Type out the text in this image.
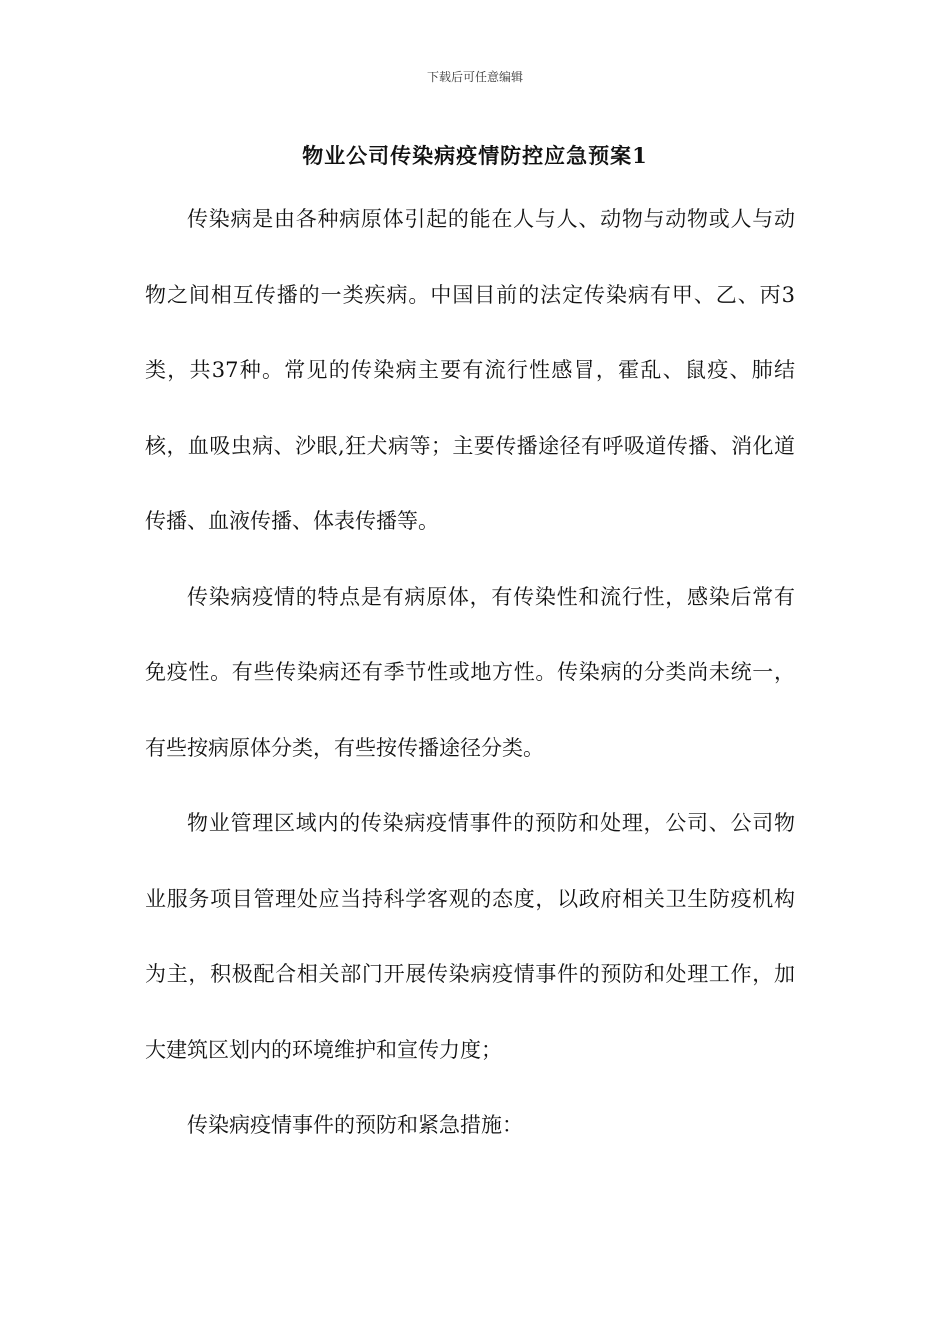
下载后可任意编辑
物业公司传染病疫情防控应急预案1

传染病是由各种病原体引起的能在人与人、动物与动物或人与动物之间相互传播的一类疾病。中国目前的法定传染病有甲、乙、丙3类，共37种。常见的传染病主要有流行性感冒，霍乱、鼠疫、肺结核，血吸虫病、沙眼,狂犬病等；主要传播途径有呼吸道传播、消化道传播、血液传播、体表传播等。

传染病疫情的特点是有病原体，有传染性和流行性，感染后常有免疫性。有些传染病还有季节性或地方性。传染病的分类尚未统一，有些按病原体分类，有些按传播途径分类。

物业管理区域内的传染病疫情事件的预防和处理，公司、公司物业服务项目管理处应当持科学客观的态度，以政府相关卫生防疫机构为主，积极配合相关部门开展传染病疫情事件的预防和处理工作，加大建筑区划内的环境维护和宣传力度；

传染病疫情事件的预防和紧急措施：
